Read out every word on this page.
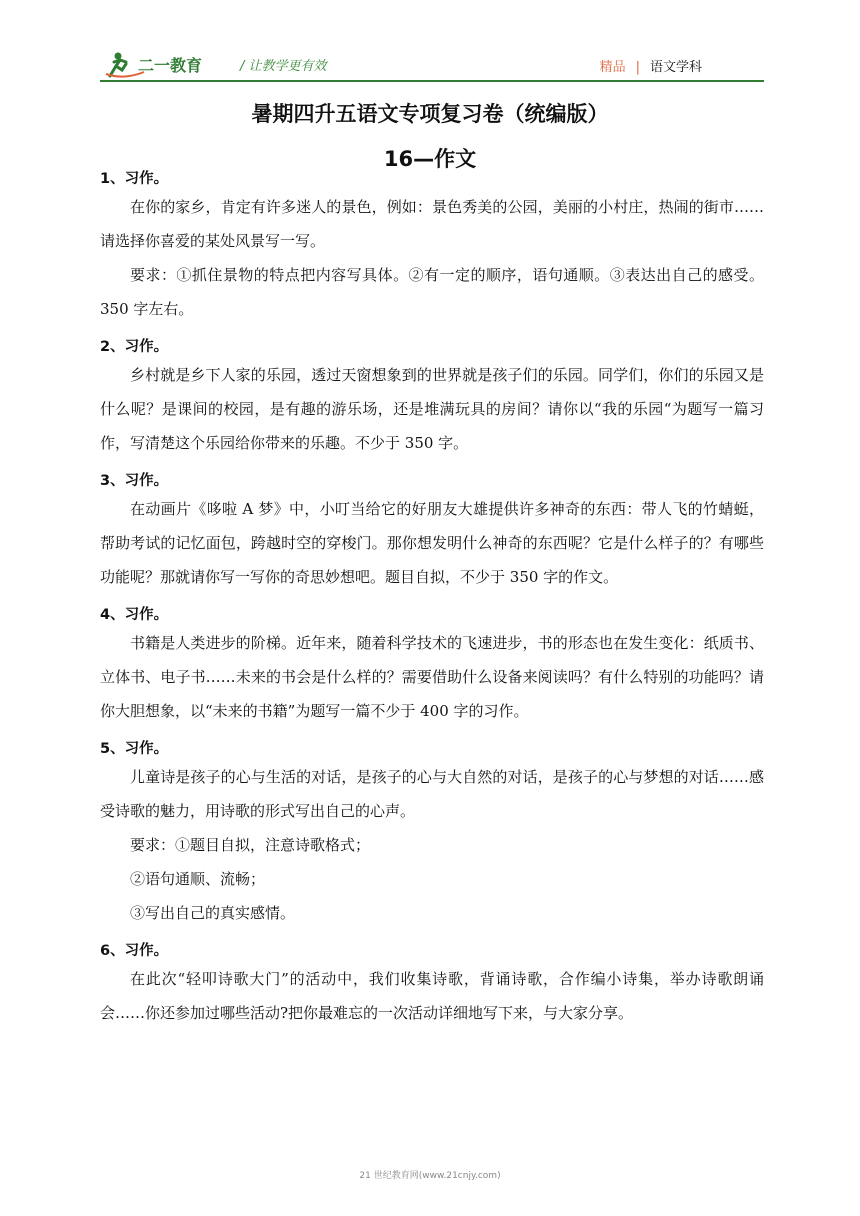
二一教育	/ 让教学更有效	精品 | 语文学科
暑期四升五语文专项复习卷（统编版）
16—作文
1、习作。

在你的家乡，肯定有许多迷人的景色，例如：景色秀美的公园，美丽的小村庄，热闹的街市……请选择你喜爱的某处风景写一写。

要求：①抓住景物的特点把内容写具体。②有一定的顺序，语句通顺。③表达出自己的感受。350 字左右。

2、习作。

乡村就是乡下人家的乐园，透过天窗想象到的世界就是孩子们的乐园。同学们，你们的乐园又是什么呢？是课间的校园，是有趣的游乐场，还是堆满玩具的房间？请你以“我的乐园“为题写一篇习作，写清楚这个乐园给你带来的乐趣。不少于 350 字。

3、习作。

在动画片《哆啦 A 梦》中，小叮当给它的好朋友大雄提供许多神奇的东西：带人飞的竹蜻蜓，帮助考试的记忆面包，跨越时空的穿梭门。那你想发明什么神奇的东西呢？它是什么样子的？有哪些功能呢？那就请你写一写你的奇思妙想吧。题目自拟，不少于 350 字的作文。

4、习作。

书籍是人类进步的阶梯。近年来，随着科学技术的飞速进步，书的形态也在发生变化：纸质书、立体书、电子书……未来的书会是什么样的？需要借助什么设备来阅读吗？有什么特别的功能吗？请你大胆想象，以“未来的书籍”为题写一篇不少于 400 字的习作。

5、习作。

儿童诗是孩子的心与生活的对话，是孩子的心与大自然的对话，是孩子的心与梦想的对话……感受诗歌的魅力，用诗歌的形式写出自己的心声。

要求：①题目自拟，注意诗歌格式；

②语句通顺、流畅；

③写出自己的真实感情。

6、习作。

在此次“轻叩诗歌大门”的活动中，我们收集诗歌，背诵诗歌，合作编小诗集，举办诗歌朗诵会……你还参加过哪些活动?把你最难忘的一次活动详细地写下来，与大家分享。

21 世纪教育网(www.21cnjy.com)
